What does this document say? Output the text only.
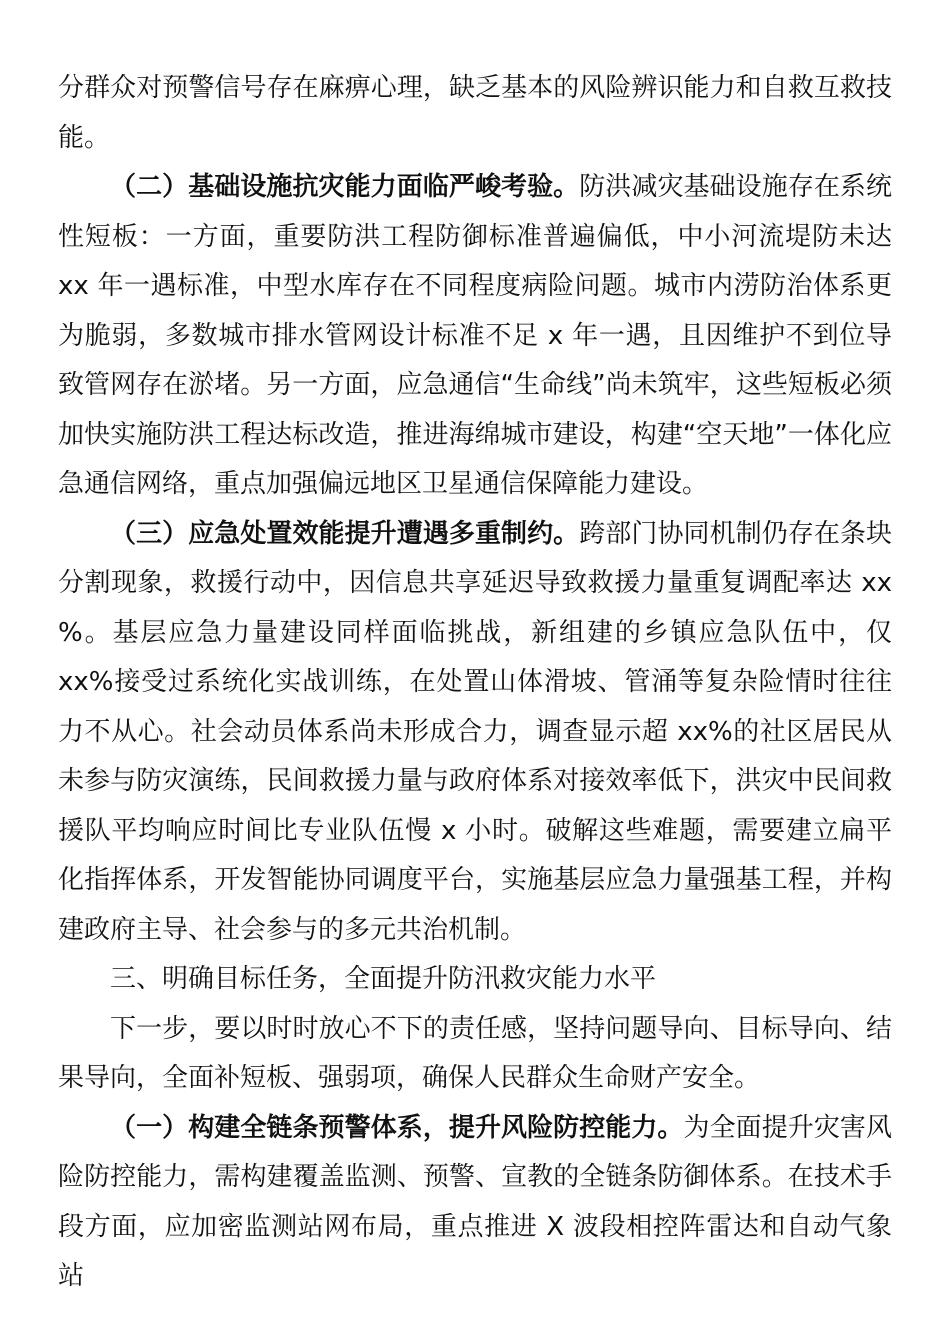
分群众对预警信号存在麻痹心理，缺乏基本的风险辨识能力和自救互救技能。

（二）基础设施抗灾能力面临严峻考验。防洪减灾基础设施存在系统性短板：一方面，重要防洪工程防御标准普遍偏低，中小河流堤防未达 xx 年一遇标准，中型水库存在不同程度病险问题。城市内涝防治体系更为脆弱，多数城市排水管网设计标准不足 x 年一遇，且因维护不到位导致管网存在淤堵。另一方面，应急通信“生命线”尚未筑牢，这些短板必须加快实施防洪工程达标改造，推进海绵城市建设，构建“空天地”一体化应急通信网络，重点加强偏远地区卫星通信保障能力建设。

（三）应急处置效能提升遭遇多重制约。跨部门协同机制仍存在条块分割现象，救援行动中，因信息共享延迟导致救援力量重复调配率达 xx %。基层应急力量建设同样面临挑战，新组建的乡镇应急队伍中，仅 xx%接受过系统化实战训练，在处置山体滑坡、管涌等复杂险情时往往力不从心。社会动员体系尚未形成合力，调查显示超 xx%的社区居民从未参与防灾演练，民间救援力量与政府体系对接效率低下，洪灾中民间救援队平均响应时间比专业队伍慢 x 小时。破解这些难题，需要建立扁平化指挥体系，开发智能协同调度平台，实施基层应急力量强基工程，并构建政府主导、社会参与的多元共治机制。

三、明确目标任务，全面提升防汛救灾能力水平

下一步，要以时时放心不下的责任感，坚持问题导向、目标导向、结果导向，全面补短板、强弱项，确保人民群众生命财产安全。

（一）构建全链条预警体系，提升风险防控能力。为全面提升灾害风险防控能力，需构建覆盖监测、预警、宣教的全链条防御体系。在技术手段方面，应加密监测站网布局，重点推进 X 波段相控阵雷达和自动气象站
